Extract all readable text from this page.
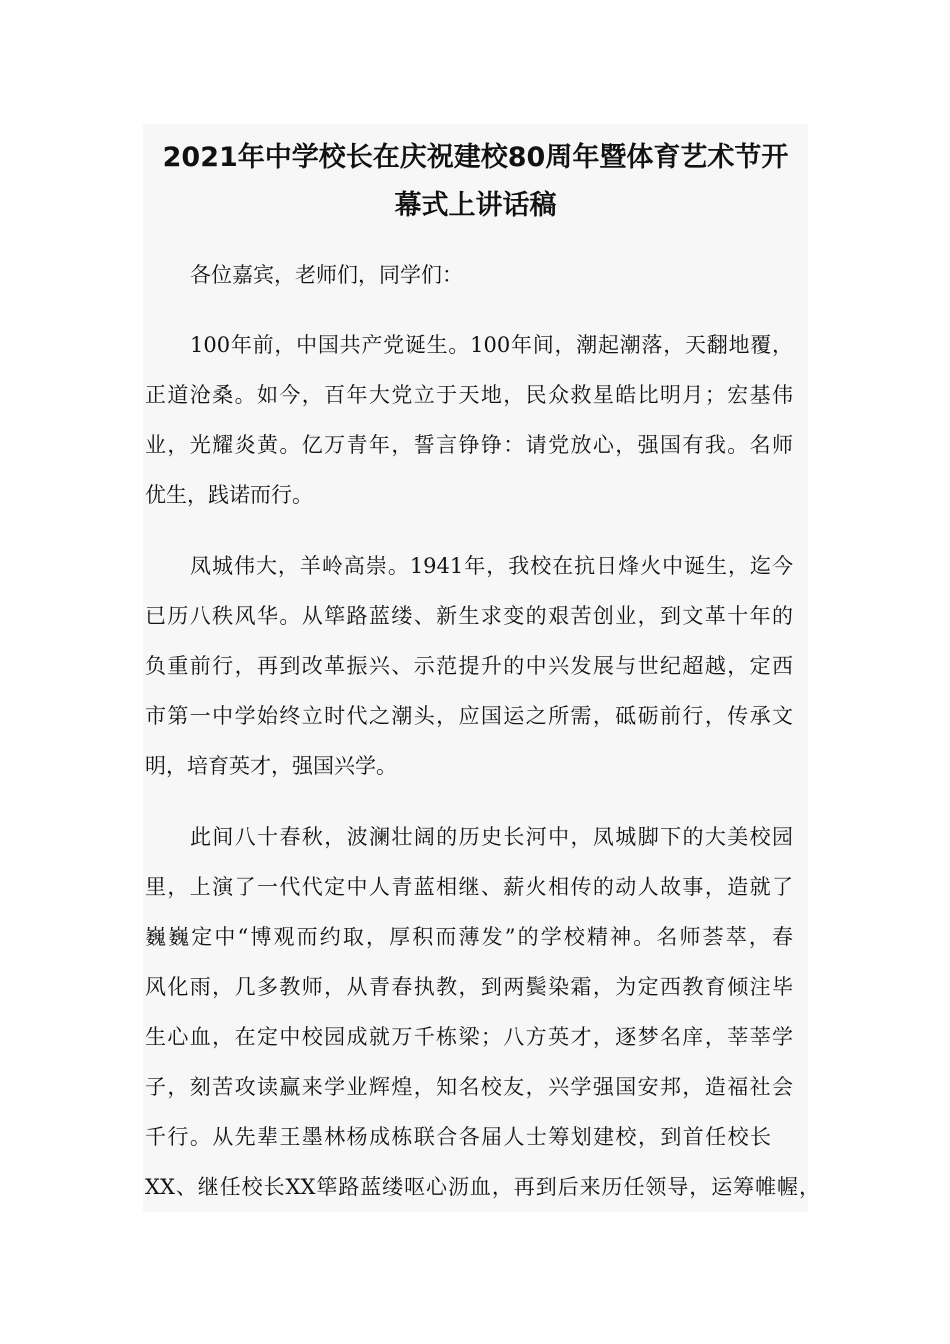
2021年中学校长在庆祝建校80周年暨体育艺术节开
幕式上讲话稿
各位嘉宾，老师们，同学们：
100年前，中国共产党诞生。100年间，潮起潮落，天翻地覆，
正道沧桑。如今，百年大党立于天地，民众救星皓比明月；宏基伟
业，光耀炎黄。亿万青年，誓言铮铮：请党放心，强国有我。名师
优生，践诺而行。
凤城伟大，羊岭高崇。1941年，我校在抗日烽火中诞生，迄今
已历八秩风华。从筚路蓝缕、新生求变的艰苦创业，到文革十年的
负重前行，再到改革振兴、示范提升的中兴发展与世纪超越，定西
市第一中学始终立时代之潮头，应国运之所需，砥砺前行，传承文
明，培育英才，强国兴学。
此间八十春秋，波澜壮阔的历史长河中，凤城脚下的大美校园
里，上演了一代代定中人青蓝相继、薪火相传的动人故事，造就了
巍巍定中“博观而约取，厚积而薄发”的学校精神。名师荟萃，春
风化雨，几多教师，从青春执教，到两鬓染霜，为定西教育倾注毕
生心血，在定中校园成就万千栋梁；八方英才，逐梦名庠，莘莘学
子，刻苦攻读赢来学业辉煌，知名校友，兴学强国安邦，造福社会
千行。从先辈王墨林杨成栋联合各届人士筹划建校，到首任校长
XX、继任校长XX筚路蓝缕呕心沥血，再到后来历任领导，运筹帷幄，
